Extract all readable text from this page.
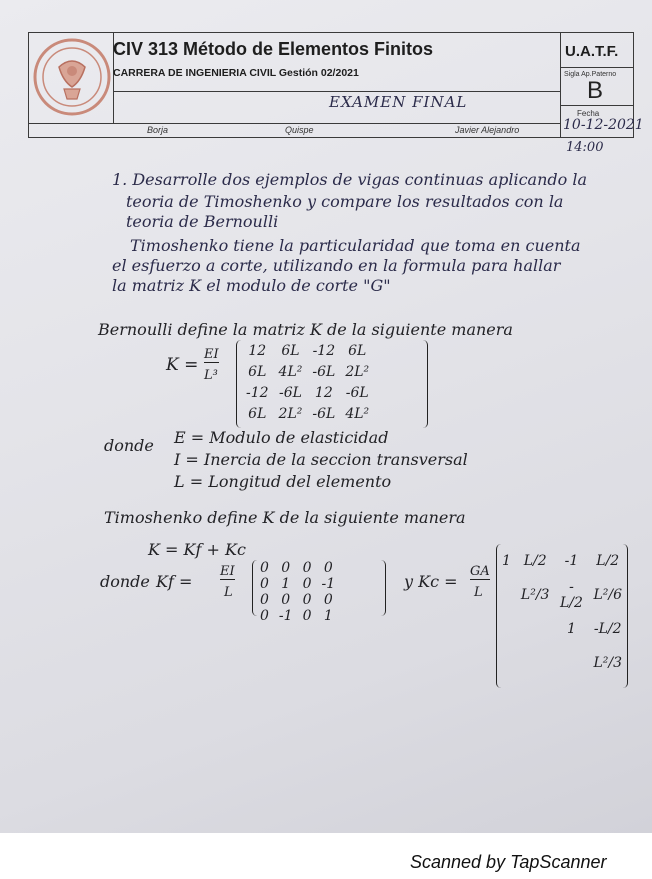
CIV 313 Método de Elementos Finitos
CARRERA DE INGENIERIA CIVIL Gestión 02/2021
EXAMEN FINAL
U.A.T.F.
Sigla Ap.Paterno
B
Fecha
10-12-2021
Borja	Quispe	Javier Alejandro
14:00
1. Desarrolle dos ejemplos de vigas continuas aplicando la
teoria de Timoshenko y compare los resultados con la
teoria de Bernoulli
Timoshenko tiene la particularidad que toma en cuenta
el esfuerzo a corte, utilizando en la formula para hallar
la matriz K el modulo de corte "G"
Bernoulli define la matriz K de la siguiente manera
K =
EI
L³
12	6L	-12	6L
6L	4L²	-6L	2L²
-12	-6L	12	-6L
6L	2L²	-6L	4L²
donde E = Modulo de elasticidad
I = Inercia de la seccion transversal
L = Longitud del elemento
Timoshenko define K de la siguiente manera
K = Kf + Kc
donde Kf =
EI
L
0	0	0	0
0	1	0	-1
0	0	0	0
0	-1	0	1
y Kc =
GA
L
1	L/2	-1	L/2
	L²/3	-L/2	L²/6
		1	-L/2
			L²/3
Scanned by TapScanner
